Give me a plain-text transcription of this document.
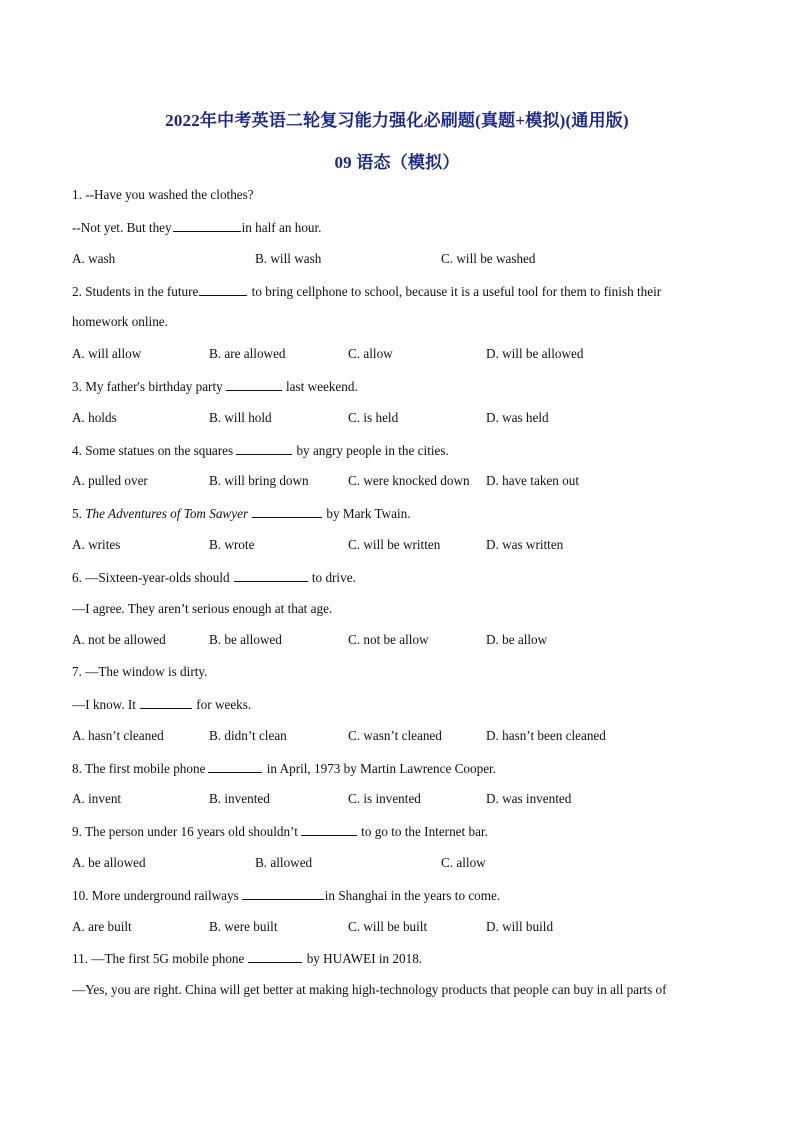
2022年中考英语二轮复习能力强化必刷题(真题+模拟)(通用版)
09 语态（模拟）
1. --Have you washed the clothes?
--Not yet. But they	in half an hour.
A. wash	B. will wash	C. will be washed
2. Students in the future	to bring cellphone to school, because it is a useful tool for them to finish their
homework online.
A. will allow	B. are allowed	C. allow	D. will be allowed
3. My father's birthday party	last weekend.
A. holds	B. will hold	C. is held	D. was held
4. Some statues on the squares	by angry people in the cities.
A. pulled over	B. will bring down	C. were knocked down D. have taken out
5. The Adventures of Tom Sawyer	by Mark Twain.
A. writes	B. wrote	C. will be written	D. was written
6. —Sixteen-year-olds should	to drive.
—I agree. They aren’t serious enough at that age.
A. not be allowed	B. be allowed	C. not be allow	D. be allow
7. —The window is dirty.
—I know. It	for weeks.
A. hasn’t cleaned	B. didn’t clean	C. wasn’t cleaned	D. hasn’t been cleaned
8. The first mobile phone	in April, 1973 by Martin Lawrence Cooper.
A. invent	B. invented	C. is invented	D. was invented
9. The person under 16 years old shouldn’t	to go to the Internet bar.
A. be allowed	B. allowed	C. allow
10. More underground railways	in Shanghai in the years to come.
A. are built	B. were built	C. will be built	D. will build
11. —The first 5G mobile phone	by HUAWEI in 2018.
—Yes, you are right. China will get better at making high-technology products that people can buy in all parts of
